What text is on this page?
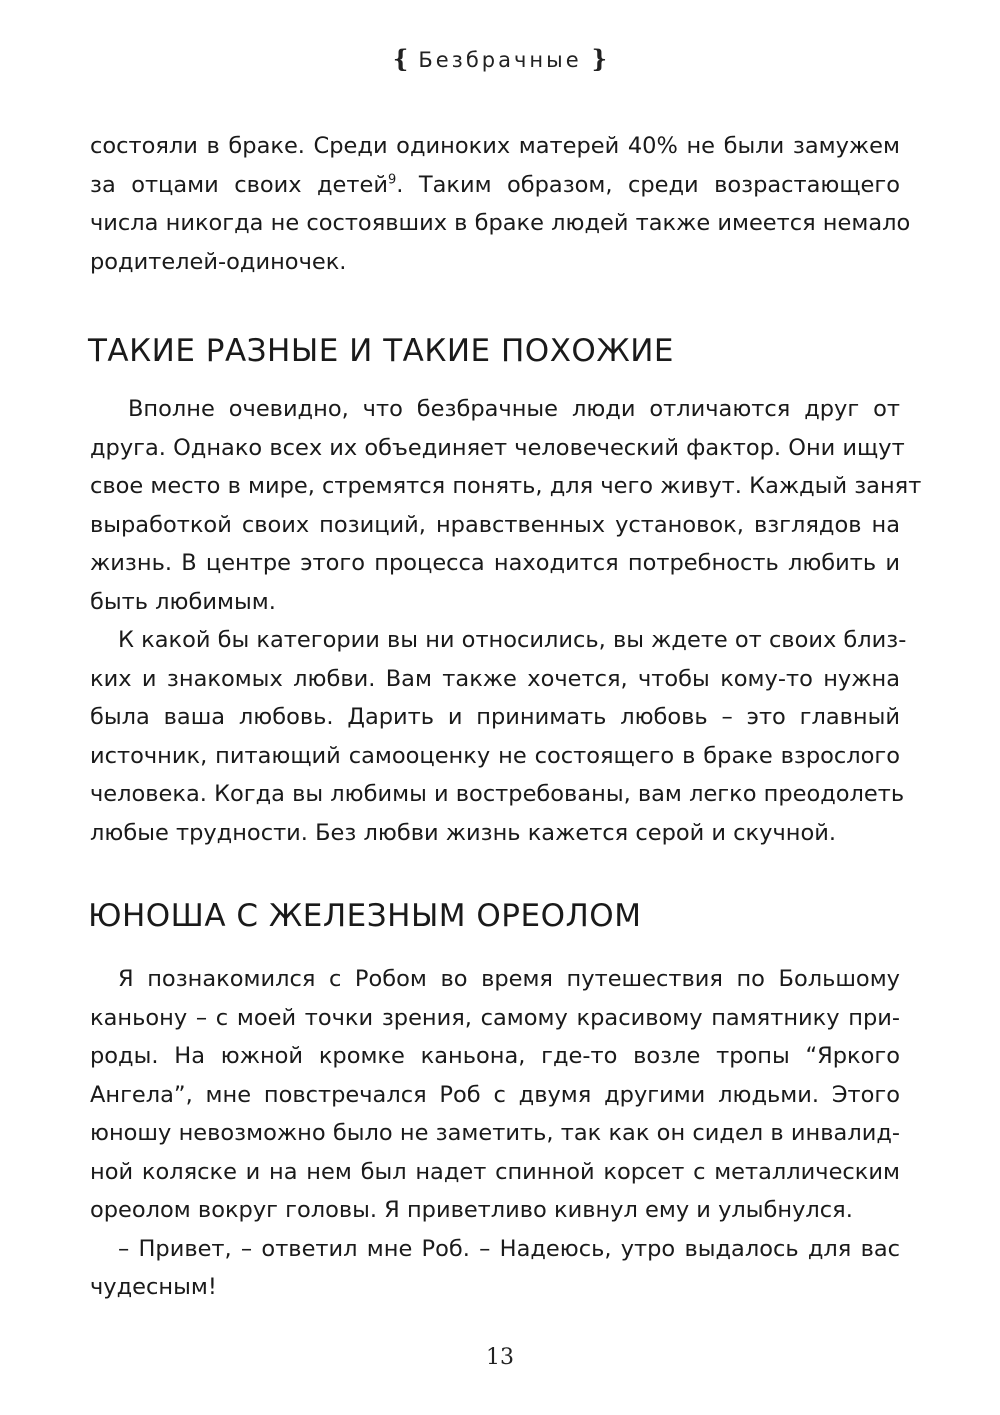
{ Безбрачные }
состояли в браке. Среди одиноких матерей 40% не были замужем
за отцами своих детей$^9$. Таким образом, среди возрастающего
числа никогда не состоявших в браке людей также имеется немало
родителей-одиночек.
ТАКИЕ РАЗНЫЕ И ТАКИЕ ПОХОЖИЕ
Вполне очевидно, что безбрачные люди отличаются друг от
друга. Однако всех их объединяет человеческий фактор. Они ищут
свое место в мире, стремятся понять, для чего живут. Каждый занят
выработкой своих позиций, нравственных установок, взглядов на
жизнь. В центре этого процесса находится потребность любить и
быть любимым.
К какой бы категории вы ни относились, вы ждете от своих близ-
ких и знакомых любви. Вам также хочется, чтобы кому-то нужна
была ваша любовь. Дарить и принимать любовь – это главный
источник, питающий самооценку не состоящего в браке взрослого
человека. Когда вы любимы и востребованы, вам легко преодолеть
любые трудности. Без любви жизнь кажется серой и скучной.
ЮНОША С ЖЕЛЕЗНЫМ ОРЕОЛОМ
Я познакомился с Робом во время путешествия по Большому
каньону – с моей точки зрения, самому красивому памятнику при-
роды. На южной кромке каньона, где-то возле тропы “Яркого
Ангела”, мне повстречался Роб с двумя другими людьми. Этого
юношу невозможно было не заметить, так как он сидел в инвалид-
ной коляске и на нем был надет спинной корсет с металлическим
ореолом вокруг головы. Я приветливо кивнул ему и улыбнулся.
– Привет, – ответил мне Роб. – Надеюсь, утро выдалось для вас
чудесным!
13
